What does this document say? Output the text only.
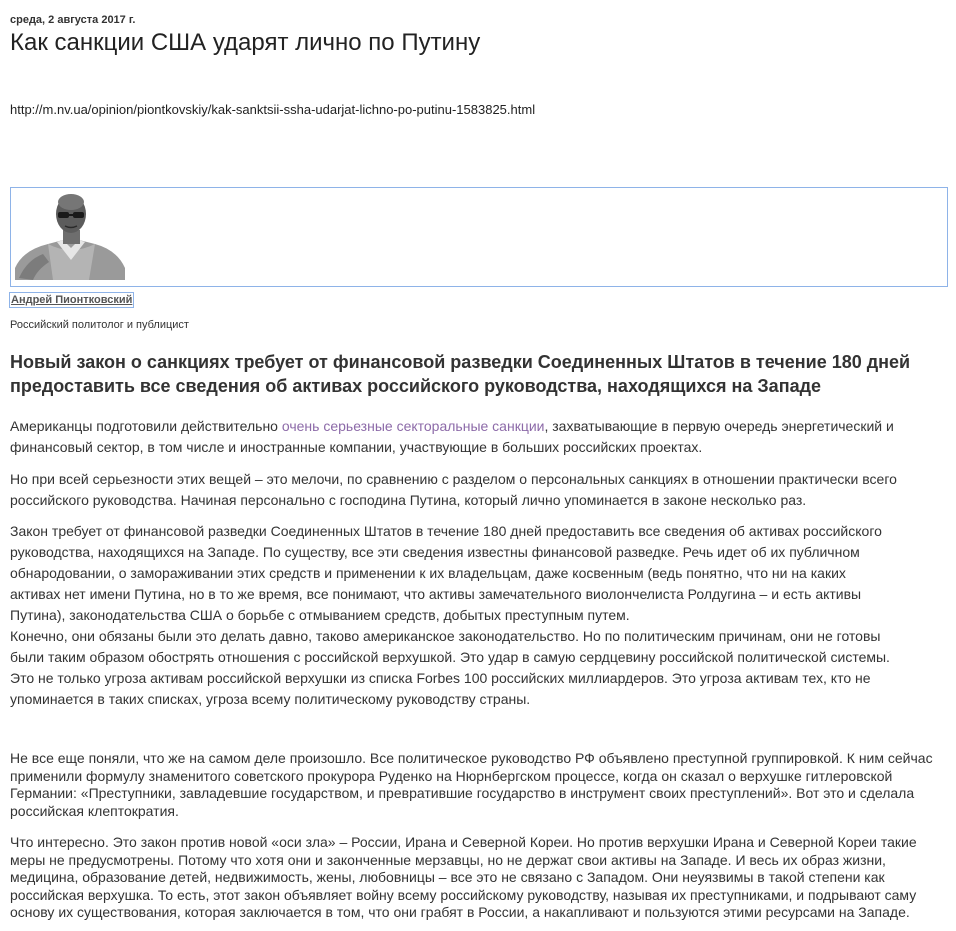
среда, 2 августа 2017 г.
Как санкции США ударят лично по Путину
http://m.nv.ua/opinion/piontkovskiy/kak-sanktsii-ssha-udarjat-lichno-po-putinu-1583825.html
Андрей Пионтковский
Российский политолог и публицист
Новый закон о санкциях требует от финансовой разведки Соединенных Штатов в течение 180 дней предоставить все сведения об активах российского руководства, находящихся на Западе

Американцы подготовили действительно очень серьезные секторальные санкции, захватывающие в первую очередь энергетический и финансовый сектор, в том числе и иностранные компании, участвующие в больших российских проектах.

Но при всей серьезности этих вещей – это мелочи, по сравнению с разделом о персональных санкциях в отношении практически всего российского руководства. Начиная персонально с господина Путина, который лично упоминается в законе несколько раз.

Закон требует от финансовой разведки Соединенных Штатов в течение 180 дней предоставить все сведения об активах российского руководства, находящихся на Западе. По существу, все эти сведения известны финансовой разведке. Речь идет об их публичном обнародовании, о замораживании этих средств и применении к их владельцам, даже косвенным (ведь понятно, что ни на каких активах нет имени Путина, но в то же время, все понимают, что активы замечательного виолончелиста Ролдугина – и есть активы Путина), законодательства США о борьбе с отмыванием средств, добытых преступным путем.

Конечно, они обязаны были это делать давно, таково американское законодательство. Но по политическим причинам, они не готовы были таким образом обострять отношения с российской верхушкой. Это удар в самую сердцевину российской политической системы. Это не только угроза активам российской верхушки из списка Forbes 100 российских миллиардеров. Это угроза активам тех, кто не упоминается в таких списках, угроза всему политическому руководству страны.

Не все еще поняли, что же на самом деле произошло. Все политическое руководство РФ объявлено преступной группировкой. К ним сейчас применили формулу знаменитого советского прокурора Руденко на Нюрнбергском процессе, когда он сказал о верхушке гитлеровской Германии: «Преступники, завладевшие государством, и превратившие государство в инструмент своих преступлений». Вот это и сделала российская клептократия.

Что интересно. Это закон против новой «оси зла» – России, Ирана и Северной Кореи. Но против верхушки Ирана и Северной Кореи такие меры не предусмотрены. Потому что хотя они и законченные мерзавцы, но не держат свои активы на Западе. И весь их образ жизни, медицина, образование детей, недвижимость, жены, любовницы – все это не связано с Западом. Они неуязвимы в такой степени как российская верхушка. То есть, этот закон объявляет войну всему российскому руководству, называя их преступниками, и подрывают саму основу их существования, которая заключается в том, что они грабят в России, а накапливают и пользуются этими ресурсами на Западе.
